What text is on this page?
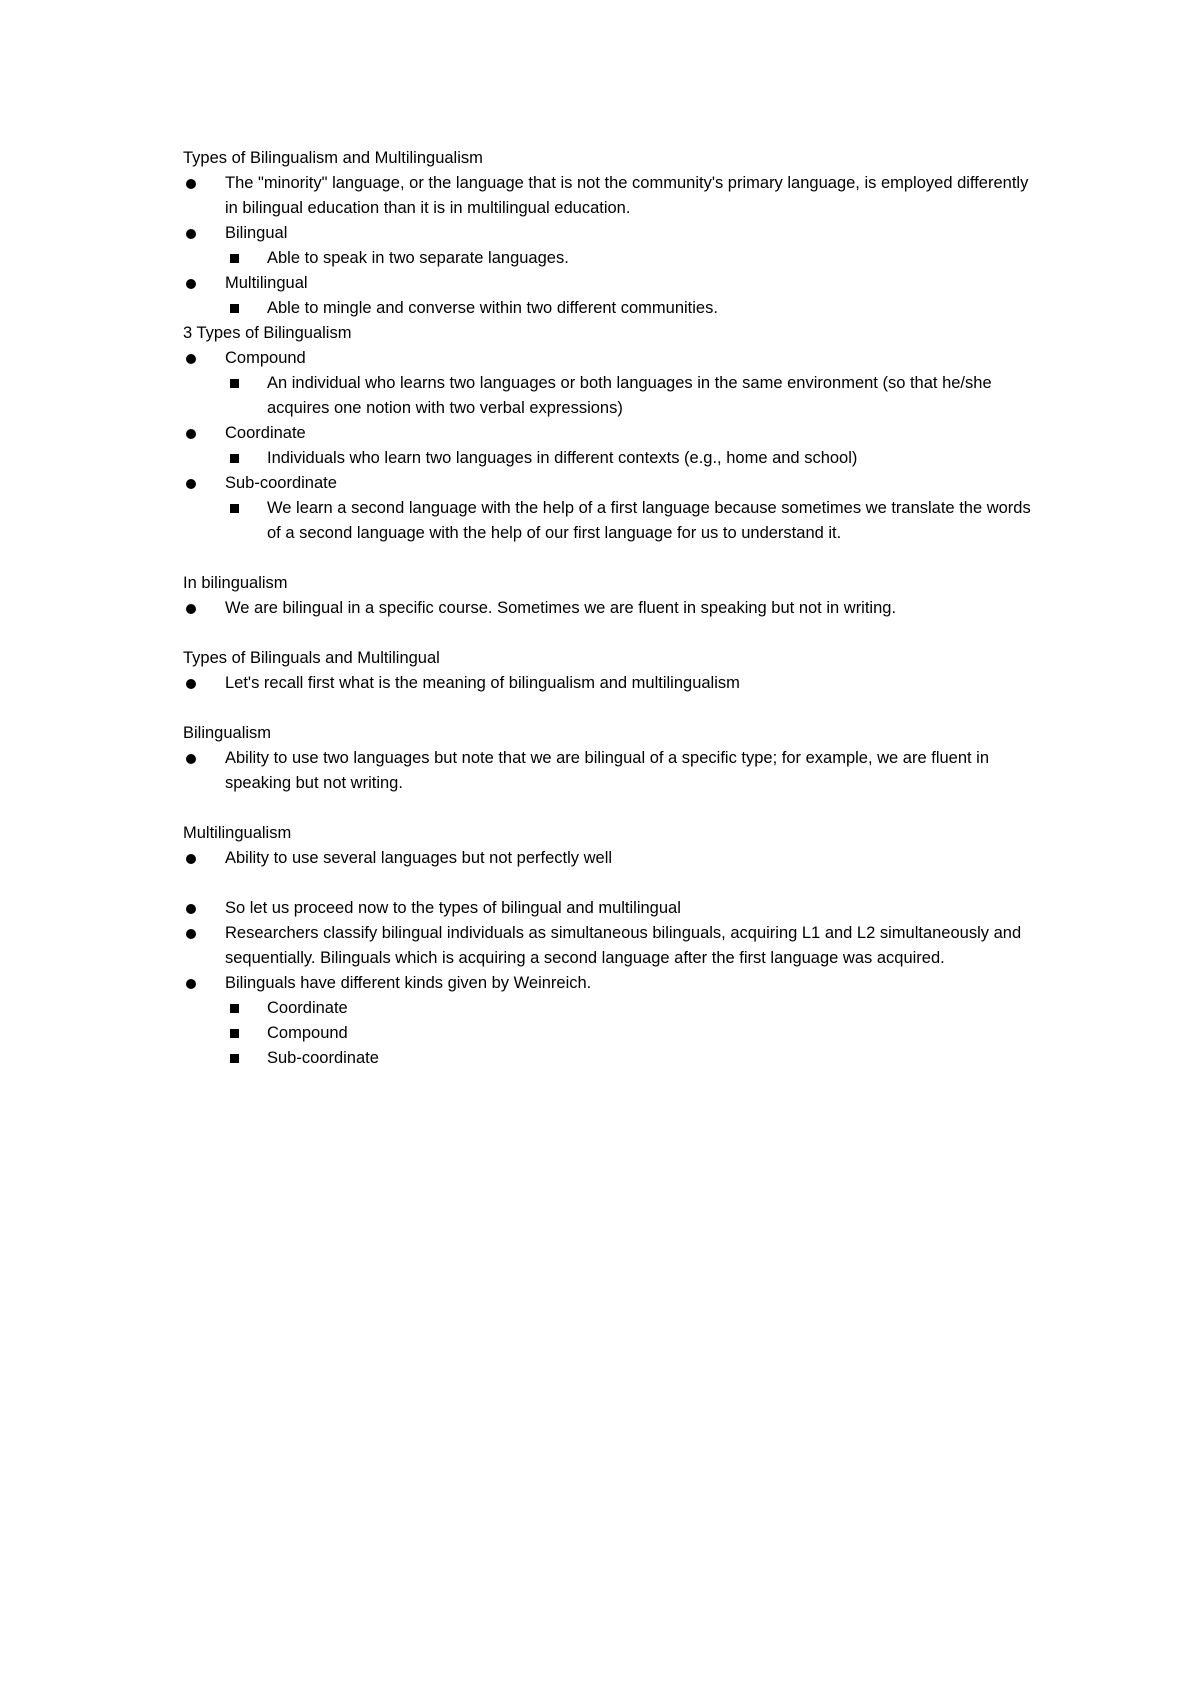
Types of Bilingualism and Multilingualism
The "minority" language, or the language that is not the community's primary language, is employed differently in bilingual education than it is in multilingual education.
Bilingual
Able to speak in two separate languages.
Multilingual
Able to mingle and converse within two different communities.
3 Types of Bilingualism
Compound
An individual who learns two languages or both languages in the same environment (so that he/she acquires one notion with two verbal expressions)
Coordinate
Individuals who learn two languages in different contexts (e.g., home and school)
Sub-coordinate
We learn a second language with the help of a first language because sometimes we translate the words of a second language with the help of our first language for us to understand it.
In bilingualism
We are bilingual in a specific course. Sometimes we are fluent in speaking but not in writing.
Types of Bilinguals and Multilingual
Let's recall first what is the meaning of bilingualism and multilingualism
Bilingualism
Ability to use two languages but note that we are bilingual of a specific type; for example, we are fluent in speaking but not writing.
Multilingualism
Ability to use several languages but not perfectly well
So let us proceed now to the types of bilingual and multilingual
Researchers classify bilingual individuals as simultaneous bilinguals, acquiring L1 and L2 simultaneously and sequentially. Bilinguals which is acquiring a second language after the first language was acquired.
Bilinguals have different kinds given by Weinreich.
Coordinate
Compound
Sub-coordinate
